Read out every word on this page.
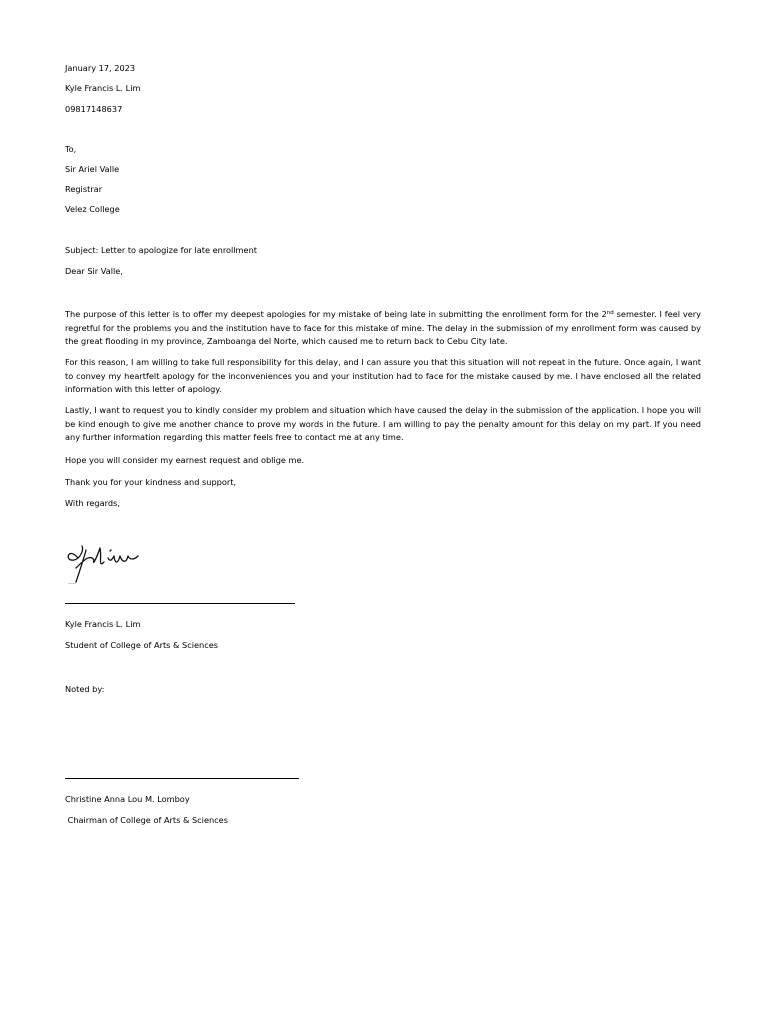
January 17, 2023
Kyle Francis L. Lim
09817148637
To,
Sir Ariel Valle
Registrar
Velez College
Subject: Letter to apologize for late enrollment
Dear Sir Valle,
The purpose of this letter is to offer my deepest apologies for my mistake of being late in submitting the enrollment form for the 2nd semester. I feel very regretful for the problems you and the institution have to face for this mistake of mine. The delay in the submission of my enrollment form was caused by the great flooding in my province, Zamboanga del Norte, which caused me to return back to Cebu City late.
For this reason, I am willing to take full responsibility for this delay, and I can assure you that this situation will not repeat in the future. Once again, I want to convey my heartfelt apology for the inconveniences you and your institution had to face for the mistake caused by me. I have enclosed all the related information with this letter of apology.
Lastly, I want to request you to kindly consider my problem and situation which have caused the delay in the submission of the application. I hope you will be kind enough to give me another chance to prove my words in the future. I am willing to pay the penalty amount for this delay on my part. If you need any further information regarding this matter feels free to contact me at any time.
Hope you will consider my earnest request and oblige me.
Thank you for your kindness and support,
With regards,
Kyle Francis L. Lim
Student of College of Arts & Sciences
Noted by:
Christine Anna Lou M. Lomboy
Chairman of College of Arts & Sciences
